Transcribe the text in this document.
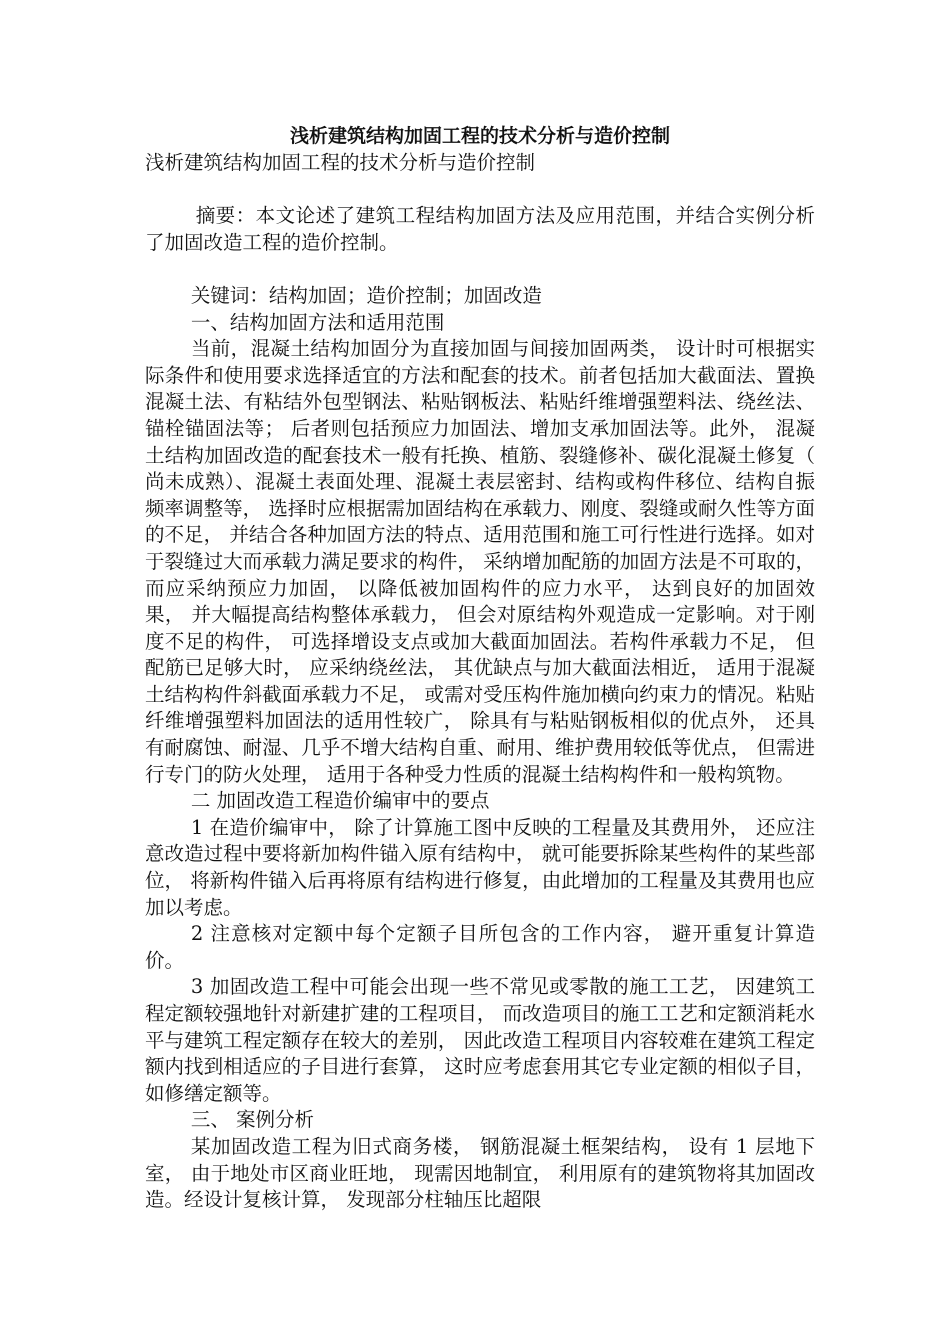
浅析建筑结构加固工程的技术分析与造价控制

浅析建筑结构加固工程的技术分析与造价控制

摘要：本文论述了建筑工程结构加固方法及应用范围，并结合实例分析了加固改造工程的造价控制。

关键词：结构加固；造价控制；加固改造

一、结构加固方法和适用范围

当前，混凝土结构加固分为直接加固与间接加固两类， 设计时可根据实际条件和使用要求选择适宜的方法和配套的技术。前者包括加大截面法、置换混凝土法、有粘结外包型钢法、粘贴钢板法、粘贴纤维增强塑料法、绕丝法、锚栓锚固法等； 后者则包括预应力加固法、增加支承加固法等。此外， 混凝土结构加固改造的配套技术一般有托换、植筋、裂缝修补、碳化混凝土修复（ 尚未成熟）、混凝土表面处理、混凝土表层密封、结构或构件移位、结构自振频率调整等， 选择时应根据需加固结构在承载力、刚度、裂缝或耐久性等方面的不足， 并结合各种加固方法的特点、适用范围和施工可行性进行选择。如对于裂缝过大而承载力满足要求的构件， 采纳增加配筋的加固方法是不可取的， 而应采纳预应力加固， 以降低被加固构件的应力水平， 达到良好的加固效果， 并大幅提高结构整体承载力， 但会对原结构外观造成一定影响。对于刚度不足的构件， 可选择增设支点或加大截面加固法。若构件承载力不足， 但配筋已足够大时， 应采纳绕丝法， 其优缺点与加大截面法相近， 适用于混凝土结构构件斜截面承载力不足， 或需对受压构件施加横向约束力的情况。粘贴纤维增强塑料加固法的适用性较广， 除具有与粘贴钢板相似的优点外， 还具有耐腐蚀、耐湿、几乎不增大结构自重、耐用、维护费用较低等优点， 但需进行专门的防火处理， 适用于各种受力性质的混凝土结构构件和一般构筑物。

二 加固改造工程造价编审中的要点

1 在造价编审中， 除了计算施工图中反映的工程量及其费用外， 还应注意改造过程中要将新加构件锚入原有结构中， 就可能要拆除某些构件的某些部位， 将新构件锚入后再将原有结构进行修复，由此增加的工程量及其费用也应加以考虑。

2 注意核对定额中每个定额子目所包含的工作内容， 避开重复计算造价。

3 加固改造工程中可能会出现一些不常见或零散的施工工艺， 因建筑工程定额较强地针对新建扩建的工程项目， 而改造项目的施工工艺和定额消耗水平与建筑工程定额存在较大的差别， 因此改造工程项目内容较难在建筑工程定额内找到相适应的子目进行套算， 这时应考虑套用其它专业定额的相似子目， 如修缮定额等。

三、 案例分析

某加固改造工程为旧式商务楼， 钢筋混凝土框架结构， 设有 1 层地下室， 由于地处市区商业旺地， 现需因地制宜， 利用原有的建筑物将其加固改造。经设计复核计算， 发现部分柱轴压比超限
